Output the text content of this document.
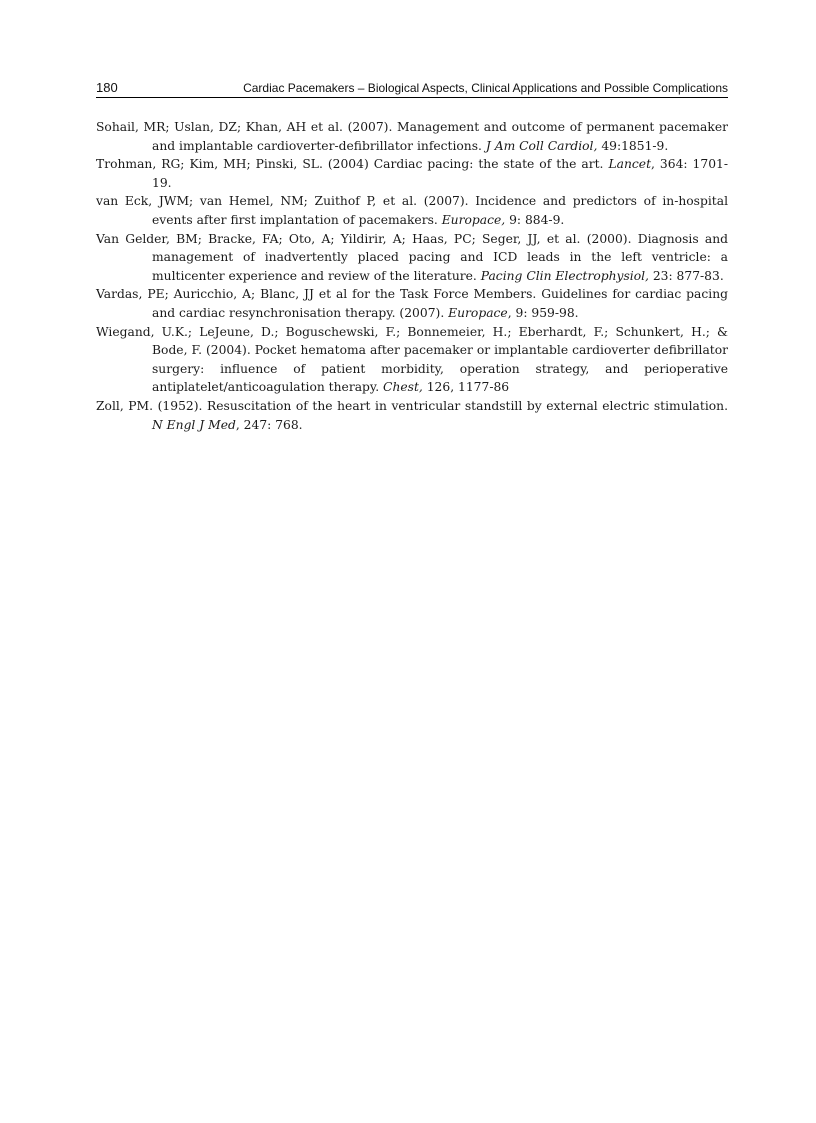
180	Cardiac Pacemakers – Biological Aspects, Clinical Applications and Possible Complications
Sohail, MR; Uslan, DZ; Khan, AH et al. (2007). Management and outcome of permanent pacemaker and implantable cardioverter-defibrillator infections. J Am Coll Cardiol, 49:1851-9.
Trohman, RG; Kim, MH; Pinski, SL. (2004) Cardiac pacing: the state of the art. Lancet, 364: 1701-19.
van Eck, JWM; van Hemel, NM; Zuithof P, et al. (2007). Incidence and predictors of in-hospital events after first implantation of pacemakers. Europace, 9: 884-9.
Van Gelder, BM; Bracke, FA; Oto, A; Yildirir, A; Haas, PC; Seger, JJ, et al. (2000). Diagnosis and management of inadvertently placed pacing and ICD leads in the left ventricle: a multicenter experience and review of the literature. Pacing Clin Electrophysiol, 23: 877-83.
Vardas, PE; Auricchio, A; Blanc, JJ et al for the Task Force Members. Guidelines for cardiac pacing and cardiac resynchronisation therapy. (2007). Europace, 9: 959-98.
Wiegand, U.K.; LeJeune, D.; Boguschewski, F.; Bonnemeier, H.; Eberhardt, F.; Schunkert, H.; & Bode, F. (2004). Pocket hematoma after pacemaker or implantable cardioverter defibrillator surgery: influence of patient morbidity, operation strategy, and perioperative antiplatelet/anticoagulation therapy. Chest, 126, 1177-86
Zoll, PM. (1952). Resuscitation of the heart in ventricular standstill by external electric stimulation. N Engl J Med, 247: 768.
